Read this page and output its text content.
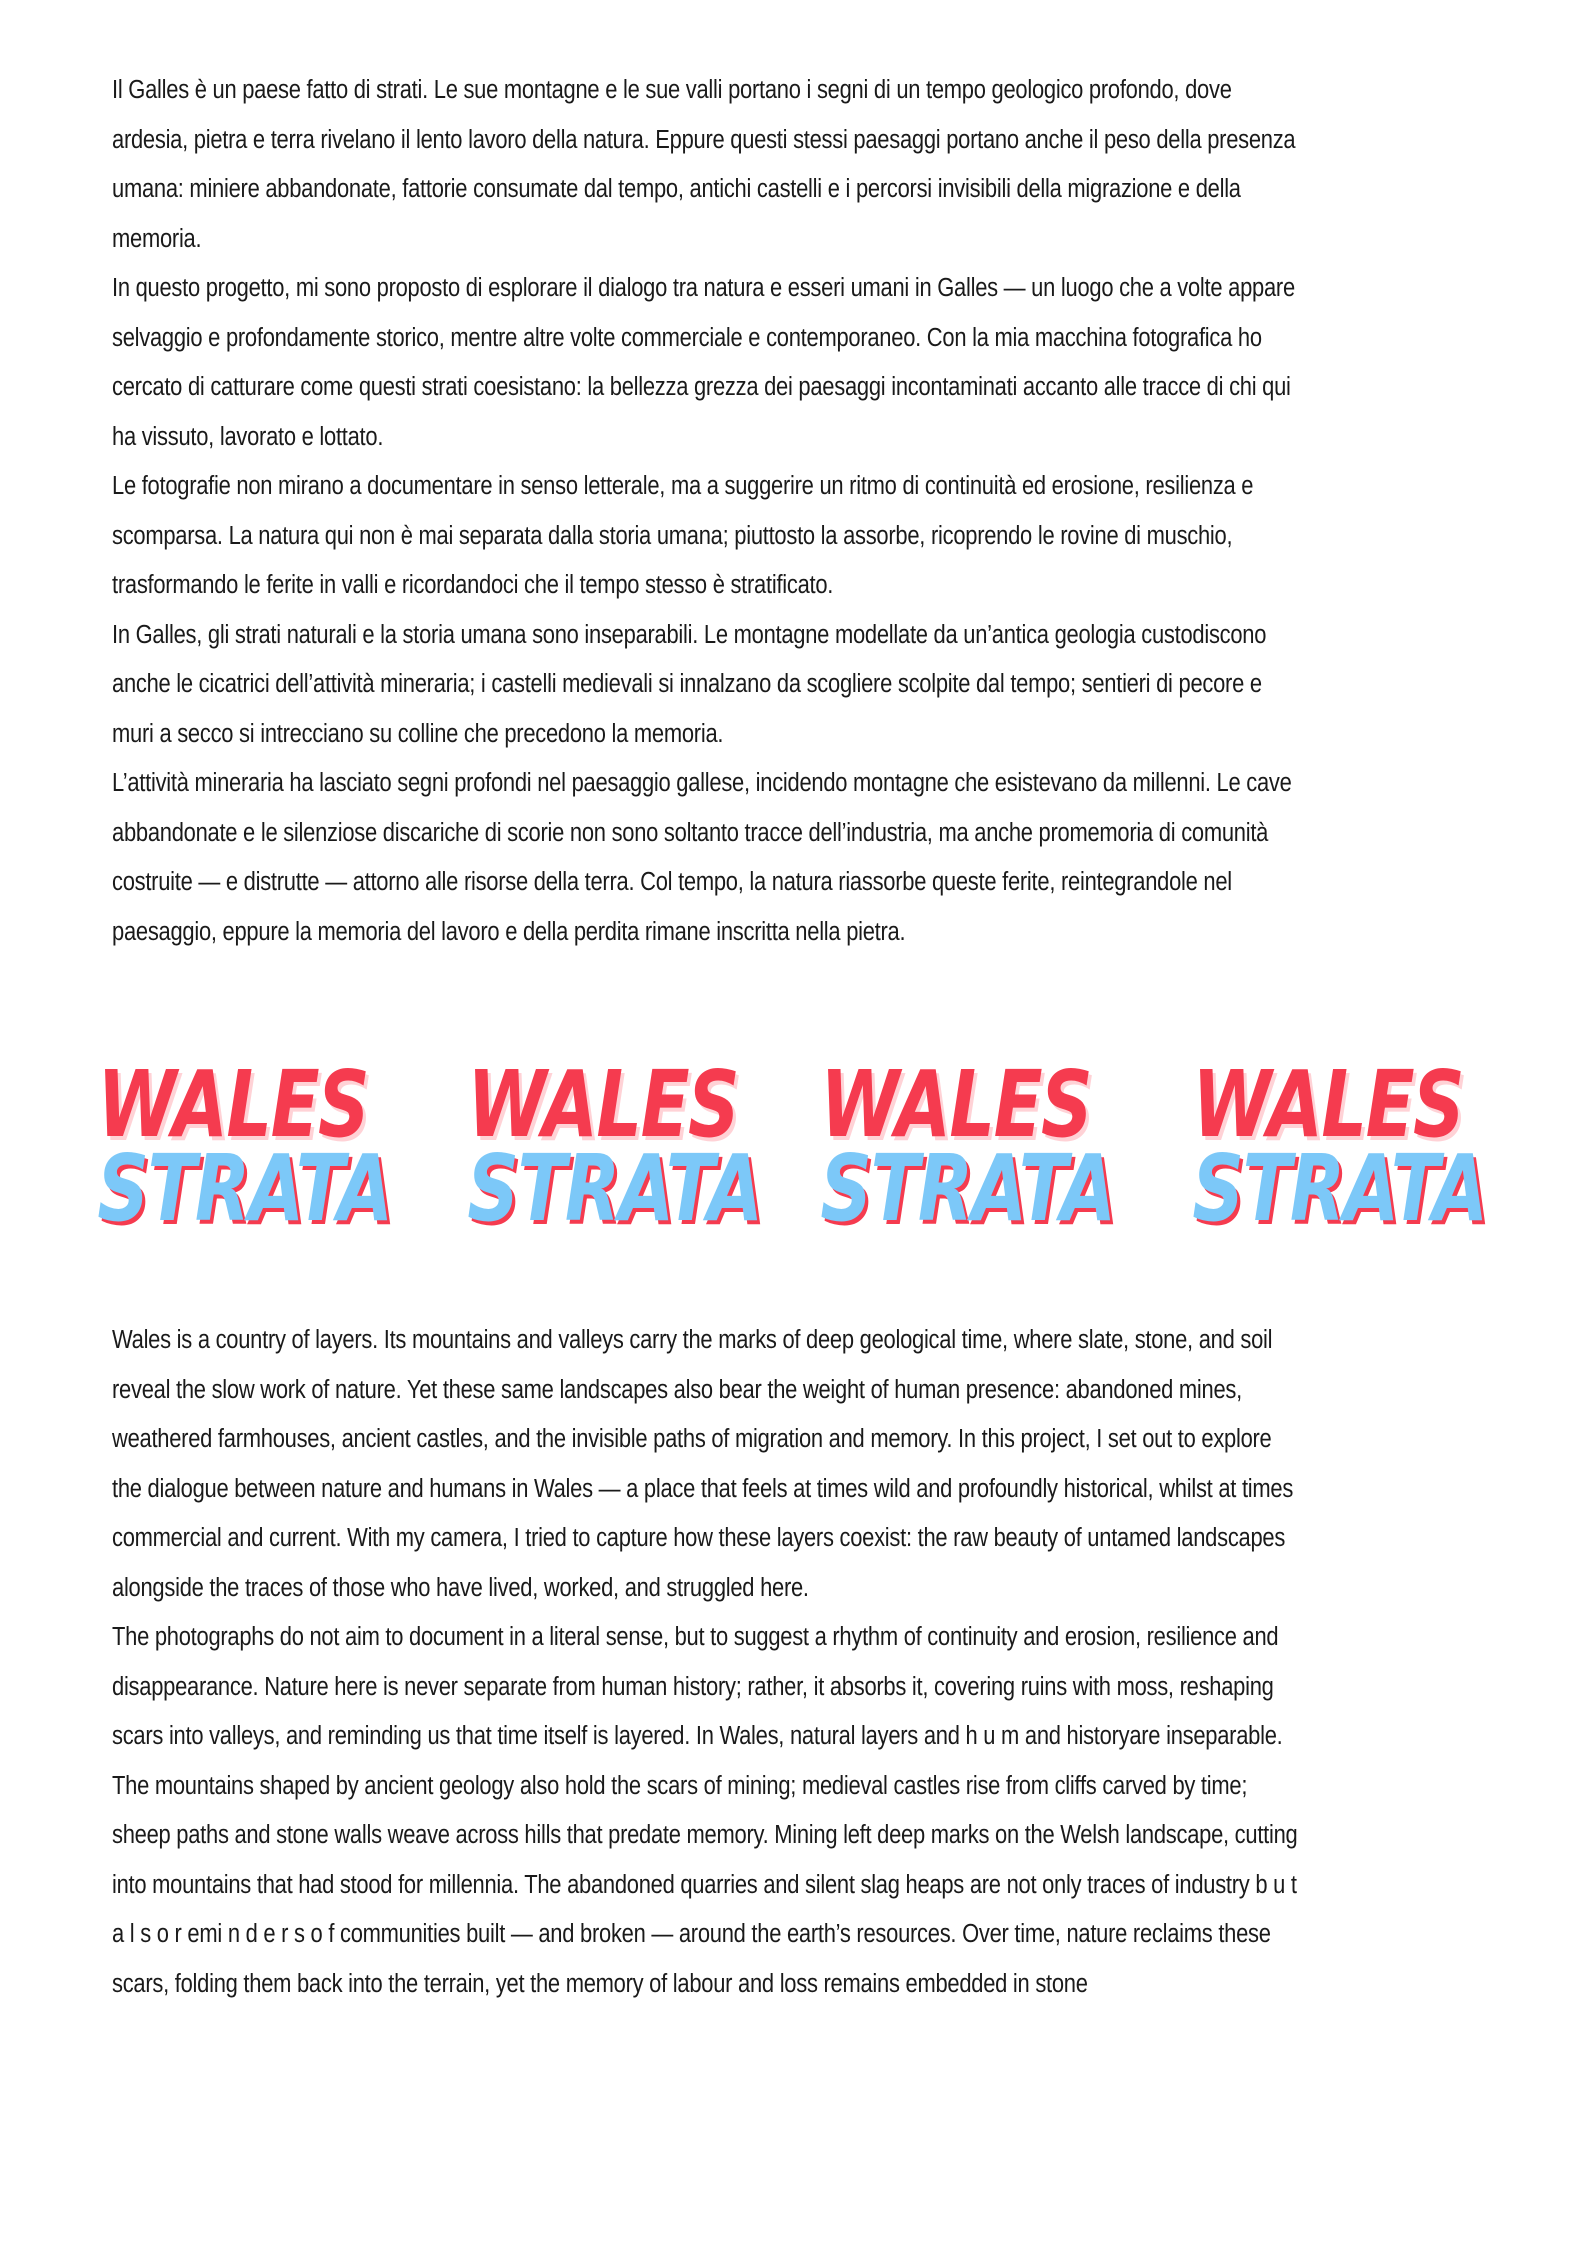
Il Galles è un paese fatto di strati. Le sue montagne e le sue valli portano i segni di un tempo geologico profondo, dove ardesia, pietra e terra rivelano il lento lavoro della natura. Eppure questi stessi paesaggi portano anche il peso della presenza umana: miniere abbandonate, fattorie consumate dal tempo, antichi castelli e i percorsi invisibili della migrazione e della memoria.

In questo progetto, mi sono proposto di esplorare il dialogo tra natura e esseri umani in Galles — un luogo che a volte appare selvaggio e profondamente storico, mentre altre volte commerciale e contemporaneo. Con la mia macchina fotografica ho cercato di catturare come questi strati coesistano: la bellezza grezza dei paesaggi incontaminati accanto alle tracce di chi qui ha vissuto, lavorato e lottato.

Le fotografie non mirano a documentare in senso letterale, ma a suggerire un ritmo di continuità ed erosione, resilienza e scomparsa. La natura qui non è mai separata dalla storia umana; piuttosto la assorbe, ricoprendo le rovine di muschio, trasformando le ferite in valli e ricordandoci che il tempo stesso è stratificato.

In Galles, gli strati naturali e la storia umana sono inseparabili. Le montagne modellate da un’antica geologia custodiscono anche le cicatrici dell’attività mineraria; i castelli medievali si innalzano da scogliere scolpite dal tempo; sentieri di pecore e muri a secco si intrecciano su colline che precedono la memoria.

L’attività mineraria ha lasciato segni profondi nel paesaggio gallese, incidendo montagne che esistevano da millenni. Le cave abbandonate e le silenziose discariche di scorie non sono soltanto tracce dell’industria, ma anche promemoria di comunità costruite — e distrutte — attorno alle risorse della terra. Col tempo, la natura riassorbe queste ferite, reintegrandole nel paesaggio, eppure la memoria del lavoro e della perdita rimane inscritta nella pietra.

WALES
STRATA
WALES
STRATA
WALES
STRATA
WALES
STRATA

Wales is a country of layers. Its mountains and valleys carry the marks of deep geological time, where slate, stone, and soil reveal the slow work of nature. Yet these same landscapes also bear the weight of human presence: abandoned mines, weathered farmhouses, ancient castles, and the invisible paths of migration and memory. In this project, I set out to explore the dialogue between nature and humans in Wales — a place that feels at times wild and profoundly historical, whilst at times commercial and current. With my camera, I tried to capture how these layers coexist: the raw beauty of untamed landscapes alongside the traces of those who have lived, worked, and struggled here.

The photographs do not aim to document in a literal sense, but to suggest a rhythm of continuity and erosion, resilience and disappearance. Nature here is never separate from human history; rather, it absorbs it, covering ruins with moss, reshaping scars into valleys, and reminding us that time itself is layered. In Wales, natural layers and h u m and historyare inseparable.

The mountains shaped by ancient geology also hold the scars of mining; medieval castles rise from cliffs carved by time; sheep paths and stone walls weave across hills that predate memory. Mining left deep marks on the Welsh landscape, cutting into mountains that had stood for millennia. The abandoned quarries and silent slag heaps are not only traces of industry b u t a l s o r emi n d e r s o f communities built — and broken — around the earth’s resources. Over time, nature reclaims these scars, folding them back into the terrain, yet the memory of labour and loss remains embedded in stone
